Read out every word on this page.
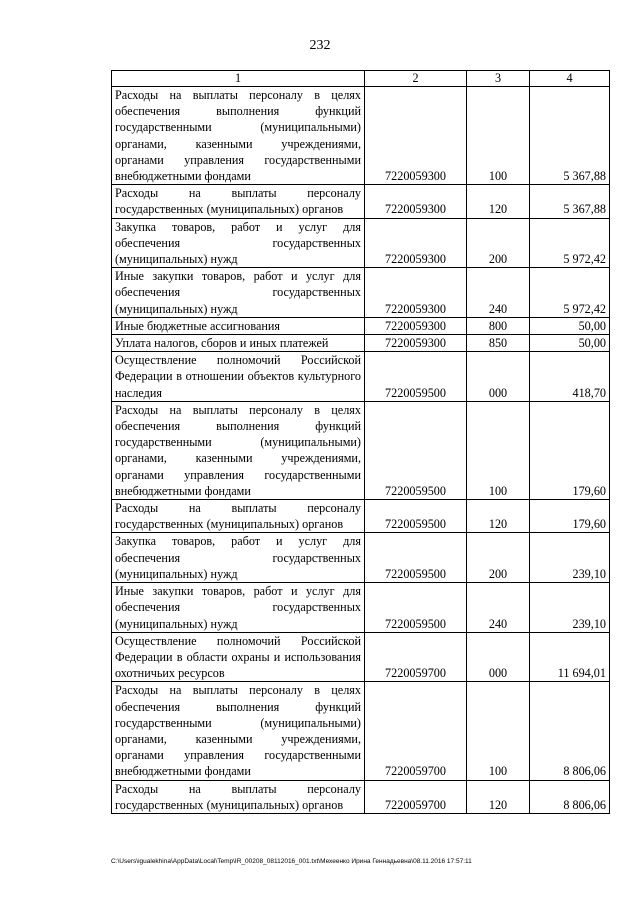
232
1	2	3	4
Расходы на выплаты персоналу в целях обеспечения выполнения функций государственными (муниципальными) органами, казенными учреждениями, органами управления государственными внебюджетными фондами	7220059300	100	5 367,88
Расходы на выплаты персоналу государственных (муниципальных) органов	7220059300	120	5 367,88
Закупка товаров, работ и услуг для обеспечения государственных (муниципальных) нужд	7220059300	200	5 972,42
Иные закупки товаров, работ и услуг для обеспечения государственных (муниципальных) нужд	7220059300	240	5 972,42
Иные бюджетные ассигнования	7220059300	800	50,00
Уплата налогов, сборов и иных платежей	7220059300	850	50,00
Осуществление полномочий Российской Федерации в отношении объектов культурного наследия	7220059500	000	418,70
Расходы на выплаты персоналу в целях обеспечения выполнения функций государственными (муниципальными) органами, казенными учреждениями, органами управления государственными внебюджетными фондами	7220059500	100	179,60
Расходы на выплаты персоналу государственных (муниципальных) органов	7220059500	120	179,60
Закупка товаров, работ и услуг для обеспечения государственных (муниципальных) нужд	7220059500	200	239,10
Иные закупки товаров, работ и услуг для обеспечения государственных (муниципальных) нужд	7220059500	240	239,10
Осуществление полномочий Российской Федерации в области охраны и использования охотничьих ресурсов	7220059700	000	11 694,01
Расходы на выплаты персоналу в целях обеспечения выполнения функций государственными (муниципальными) органами, казенными учреждениями, органами управления государственными внебюджетными фондами	7220059700	100	8 806,06
Расходы на выплаты персоналу государственных (муниципальных) органов	7220059700	120	8 806,06
C:\Users\igualekhina\AppData\Local\Temp\IR_00208_08112016_001.txt\Мехеенко Ирина Геннадьевна\08.11.2016 17:57:11
